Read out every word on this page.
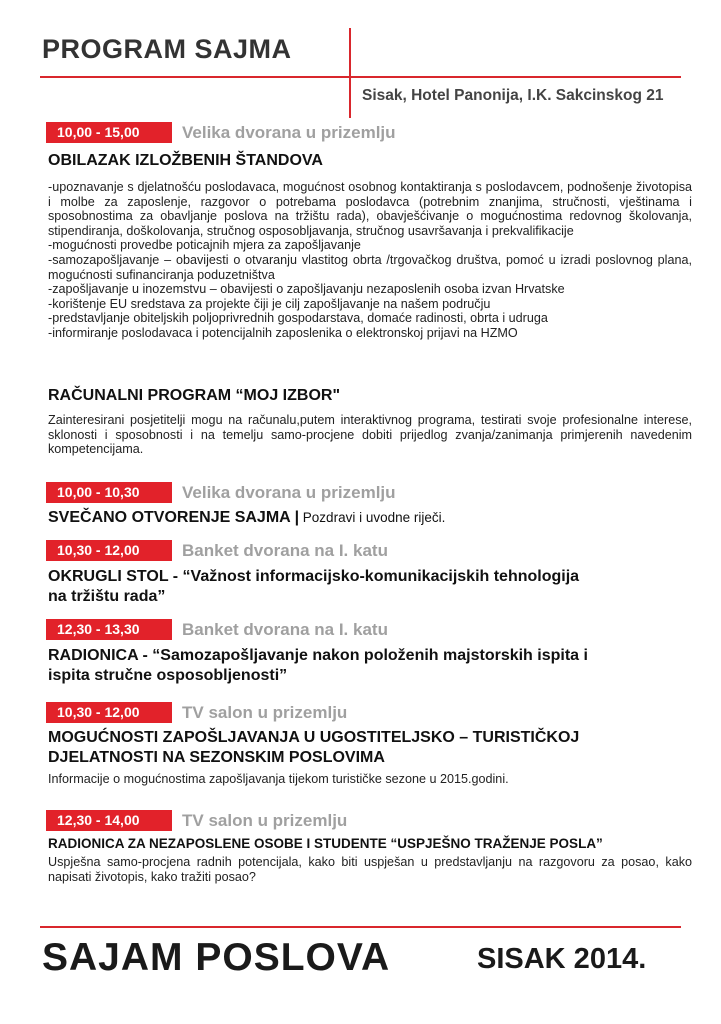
PROGRAM SAJMA
Sisak, Hotel Panonija, I.K. Sakcinskog 21
10,00 - 15,00 Velika dvorana u prizemlju
OBILAZAK IZLOŽBENIH ŠTANDOVA

-upoznavanje s djelatnošću poslodavaca, mogućnost osobnog kontaktiranja s poslodavcem, podnošenje životopisa i molbe za zaposlenje, razgovor o potrebama poslodavca (potrebnim znanjima, stručnosti, vještinama i sposobnostima za obavljanje poslova na tržištu rada), obavješćivanje o mogućnostima redovnog školovanja, stipendiranja, doškolovanja, stručnog osposobljavanja, stručnog usavršavanja i prekvalifikacije

-mogućnosti provedbe poticajnih mjera za zapošljavanje

-samozapošljavanje – obavijesti o otvaranju vlastitog obrta /trgovačkog društva, pomoć u izradi poslovnog plana, mogućnosti sufinanciranja poduzetništva

-zapošljavanje u inozemstvu – obavijesti o zapošljavanju nezaposlenih osoba izvan Hrvatske

-korištenje EU sredstava za projekte čiji je cilj zapošljavanje na našem području

-predstavljanje obiteljskih poljoprivrednih gospodarstava, domaće radinosti, obrta i udruga

-informiranje poslodavaca i potencijalnih zaposlenika o elektronskoj prijavi na HZMO

RAČUNALNI PROGRAM “MOJ IZBOR"
Zainteresirani posjetitelji mogu na računalu,putem interaktivnog programa, testirati svoje profesionalne interese, sklonosti i sposobnosti i na temelju samo-procjene dobiti prijedlog zvanja/zanimanja primjerenih navedenim kompetencijama.
10,00 - 10,30 Velika dvorana u prizemlju
SVEČANO OTVORENJE SAJMA | Pozdravi i uvodne riječi.
10,30 - 12,00 Banket dvorana na I. katu
OKRUGLI STOL - “Važnost informacijsko-komunikacijskih tehnologija
na tržištu rada”
12,30 - 13,30 Banket dvorana na I. katu
RADIONICA - “Samozapošljavanje nakon položenih majstorskih ispita i
ispita stručne osposobljenosti”
10,30 - 12,00 TV salon u prizemlju
MOGUĆNOSTI ZAPOŠLJAVANJA U UGOSTITELJSKO – TURISTIČKOJ
DJELATNOSTI NA SEZONSKIM POSLOVIMA
Informacije o mogućnostima zapošljavanja tijekom turističke sezone u 2015.godini.
12,30 - 14,00 TV salon u prizemlju
RADIONICA ZA NEZAPOSLENE OSOBE I STUDENTE “USPJEŠNO TRAŽENJE POSLA”
Uspješna samo-procjena radnih potencijala, kako biti uspješan u predstavljanju na razgovoru za posao, kako napisati životopis, kako tražiti posao?
SAJAM POSLOVA	SISAK 2014.
